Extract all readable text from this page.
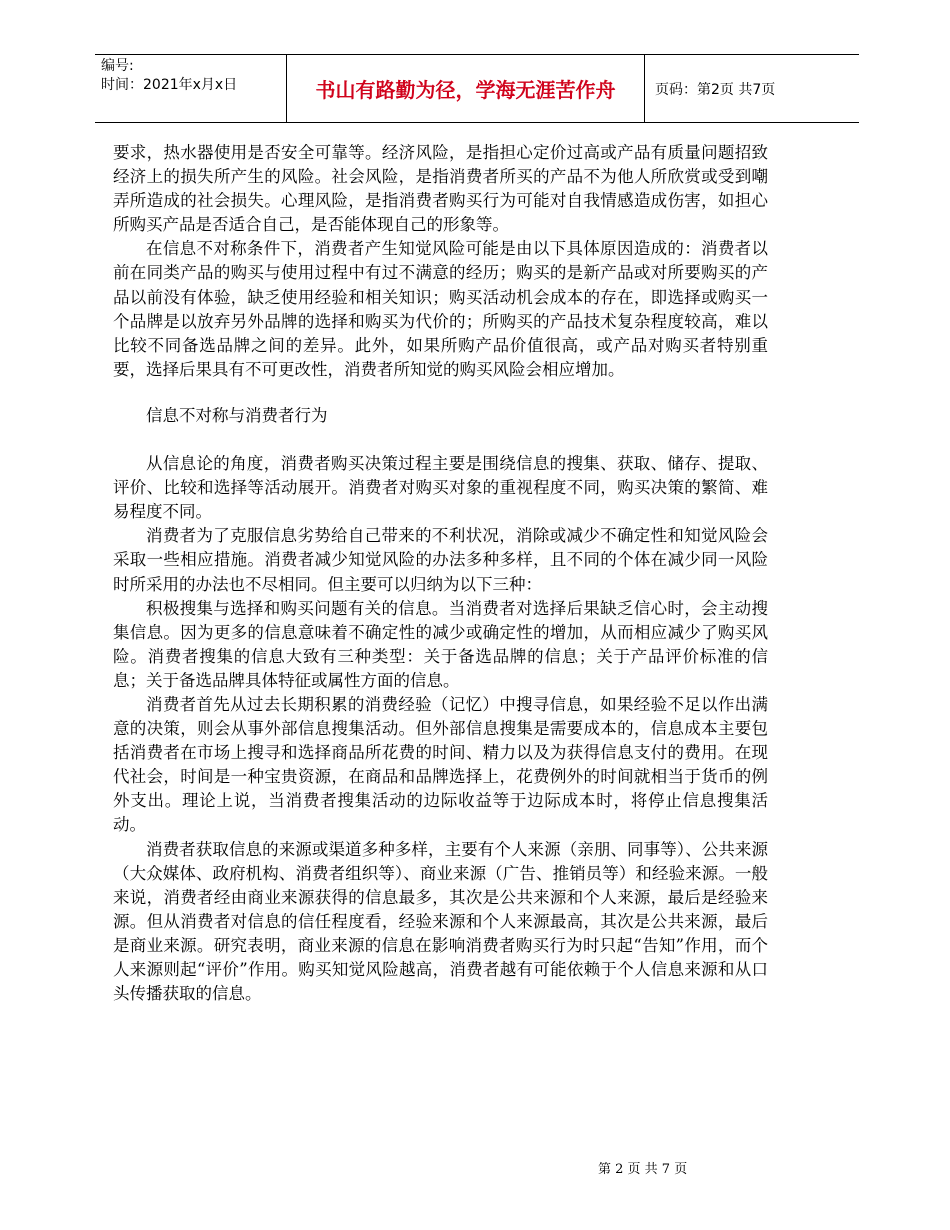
编号:
时间：2021年x月x日	书山有路勤为径，学海无涯苦作舟	页码：第2页 共7页

要求，热水器使用是否安全可靠等。经济风险，是指担心定价过高或产品有质量问题招致经济上的损失所产生的风险。社会风险，是指消费者所买的产品不为他人所欣赏或受到嘲弄所造成的社会损失。心理风险，是指消费者购买行为可能对自我情感造成伤害，如担心所购买产品是否适合自己，是否能体现自己的形象等。

在信息不对称条件下，消费者产生知觉风险可能是由以下具体原因造成的：消费者以前在同类产品的购买与使用过程中有过不满意的经历；购买的是新产品或对所要购买的产品以前没有体验，缺乏使用经验和相关知识；购买活动机会成本的存在，即选择或购买一个品牌是以放弃另外品牌的选择和购买为代价的；所购买的产品技术复杂程度较高，难以比较不同备选品牌之间的差异。此外，如果所购产品价值很高，或产品对购买者特别重要，选择后果具有不可更改性，消费者所知觉的购买风险会相应增加。

信息不对称与消费者行为

从信息论的角度，消费者购买决策过程主要是围绕信息的搜集、获取、储存、提取、评价、比较和选择等活动展开。消费者对购买对象的重视程度不同，购买决策的繁简、难易程度不同。

消费者为了克服信息劣势给自己带来的不利状况，消除或减少不确定性和知觉风险会采取一些相应措施。消费者减少知觉风险的办法多种多样，且不同的个体在减少同一风险时所采用的办法也不尽相同。但主要可以归纳为以下三种：

积极搜集与选择和购买问题有关的信息。当消费者对选择后果缺乏信心时，会主动搜集信息。因为更多的信息意味着不确定性的减少或确定性的增加，从而相应减少了购买风险。消费者搜集的信息大致有三种类型：关于备选品牌的信息；关于产品评价标准的信息；关于备选品牌具体特征或属性方面的信息。

消费者首先从过去长期积累的消费经验（记忆）中搜寻信息，如果经验不足以作出满意的决策，则会从事外部信息搜集活动。但外部信息搜集是需要成本的，信息成本主要包括消费者在市场上搜寻和选择商品所花费的时间、精力以及为获得信息支付的费用。在现代社会，时间是一种宝贵资源，在商品和品牌选择上，花费例外的时间就相当于货币的例外支出。理论上说，当消费者搜集活动的边际收益等于边际成本时，将停止信息搜集活动。

消费者获取信息的来源或渠道多种多样，主要有个人来源（亲朋、同事等）、公共来源（大众媒体、政府机构、消费者组织等）、商业来源（广告、推销员等）和经验来源。一般来说，消费者经由商业来源获得的信息最多，其次是公共来源和个人来源，最后是经验来源。但从消费者对信息的信任程度看，经验来源和个人来源最高，其次是公共来源，最后是商业来源。研究表明，商业来源的信息在影响消费者购买行为时只起“告知”作用，而个人来源则起“评价”作用。购买知觉风险越高，消费者越有可能依赖于个人信息来源和从口头传播获取的信息。

第 2 页 共 7 页
